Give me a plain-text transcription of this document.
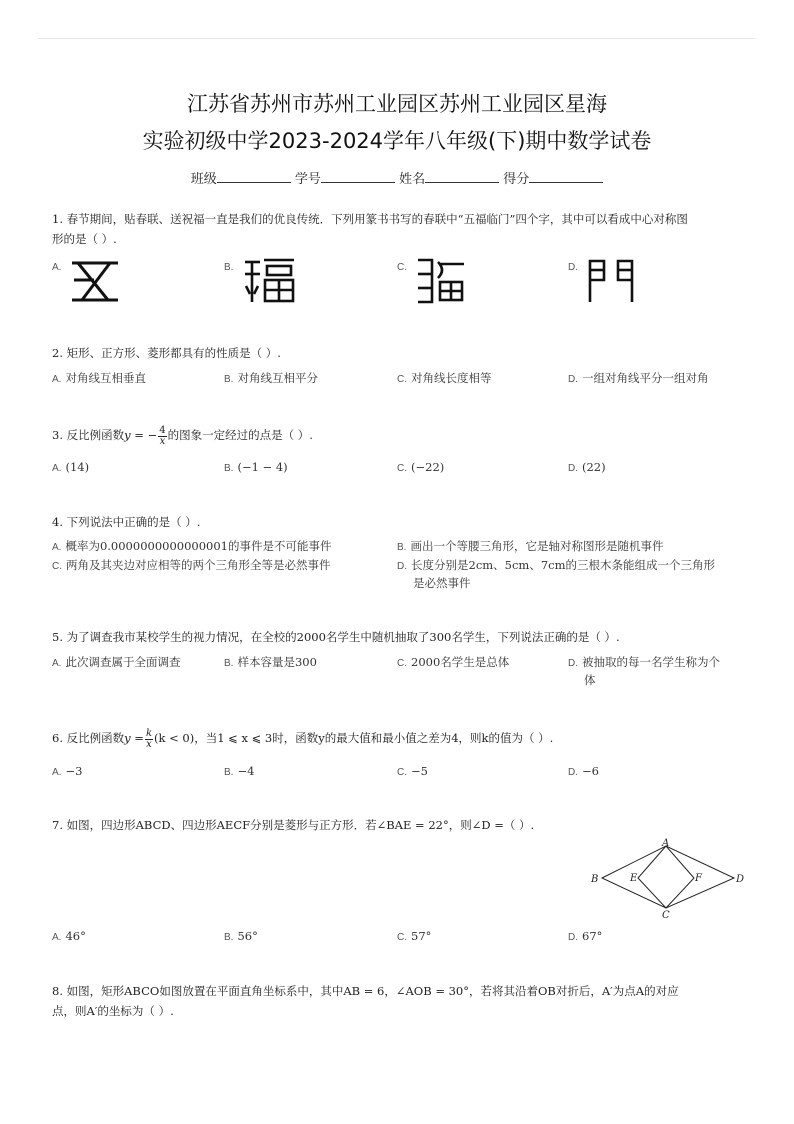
江苏省苏州市苏州工业园区苏州工业园区星海
实验初级中学2023-2024学年八年级(下)期中数学试卷
班级	学号	姓名	得分
1. 春节期间，贴春联、送祝福一直是我们的优良传统．下列用篆书书写的春联中“五福临门”四个字，其中可以看成中心对称图
形的是（ ）.
A.	B.	C.	D.
2. 矩形、正方形、菱形都具有的性质是（ ）.
A. 对角线互相垂直	B. 对角线互相平分	C. 对角线长度相等	D. 一组对角线平分一组对角
3. 反比例函数y = − $\frac{4}{x}$ 的图象一定经过的点是（ ）.
A. (14)	B. (−1 − 4)	C. (−22)	D. (22)
4. 下列说法中正确的是（ ）.
A. 概率为0.0000000000000001的事件是不可能事件	B. 画出一个等腰三角形，它是轴对称图形是随机事件
C. 两角及其夹边对应相等的两个三角形全等是必然事件	D. 长度分别是2cm、5cm、7cm的三根木条能组成一个三角形
是必然事件
5. 为了调查我市某校学生的视力情况，在全校的2000名学生中随机抽取了300名学生，下列说法正确的是（ ）.
A. 此次调查属于全面调查	B. 样本容量是300	C. 2000名学生是总体	D. 被抽取的每一名学生称为个
体
6. 反比例函数$y = \frac{k}{x} (k < 0)$，当1 ⩽ x ⩽ 3时，函数y的最大值和最小值之差为4，则k的值为（ ）.
A. −3	B. −4	C. −5	D. −6
7. 如图，四边形ABCD、四边形AECF分别是菱形与正方形．若∠BAE = 22°，则∠D =（ ）.
A
B
C
D
E	F
A. 46°	B. 56°	C. 57°	D. 67°
8. 如图，矩形ABCO如图放置在平面直角坐标系中，其中AB = 6，∠AOB = 30°，若将其沿着OB对折后，A′为点A的对应
点，则A′的坐标为（ ）.
